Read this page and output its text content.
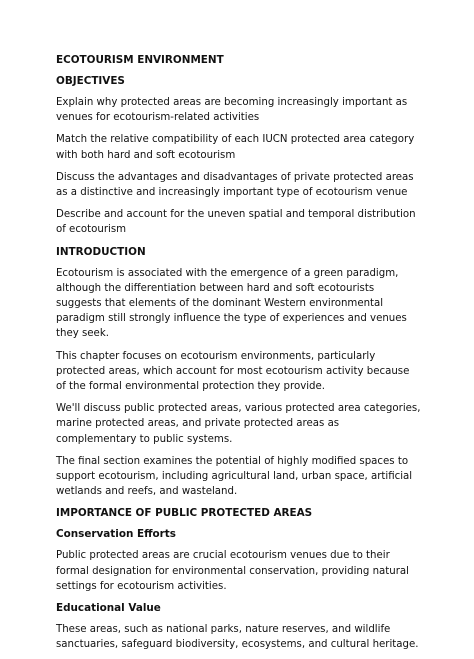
ECOTOURISM ENVIRONMENT
OBJECTIVES
Explain why protected areas are becoming increasingly important as venues for ecotourism-related activities
Match the relative compatibility of each IUCN protected area category with both hard and soft ecotourism
Discuss the advantages and disadvantages of private protected areas as a distinctive and increasingly important type of ecotourism venue
Describe and account for the uneven spatial and temporal distribution of ecotourism
INTRODUCTION
Ecotourism is associated with the emergence of a green paradigm, although the differentiation between hard and soft ecotourists suggests that elements of the dominant Western environmental paradigm still strongly influence the type of experiences and venues they seek.
This chapter focuses on ecotourism environments, particularly protected areas, which account for most ecotourism activity because of the formal environmental protection they provide.
We'll discuss public protected areas, various protected area categories, marine protected areas, and private protected areas as complementary to public systems.
The final section examines the potential of highly modified spaces to support ecotourism, including agricultural land, urban space, artificial wetlands and reefs, and wasteland.
IMPORTANCE OF PUBLIC PROTECTED AREAS
Conservation Efforts
Public protected areas are crucial ecotourism venues due to their formal designation for environmental conservation, providing natural settings for ecotourism activities.
Educational Value
These areas, such as national parks, nature reserves, and wildlife sanctuaries, safeguard biodiversity, ecosystems, and cultural heritage.
